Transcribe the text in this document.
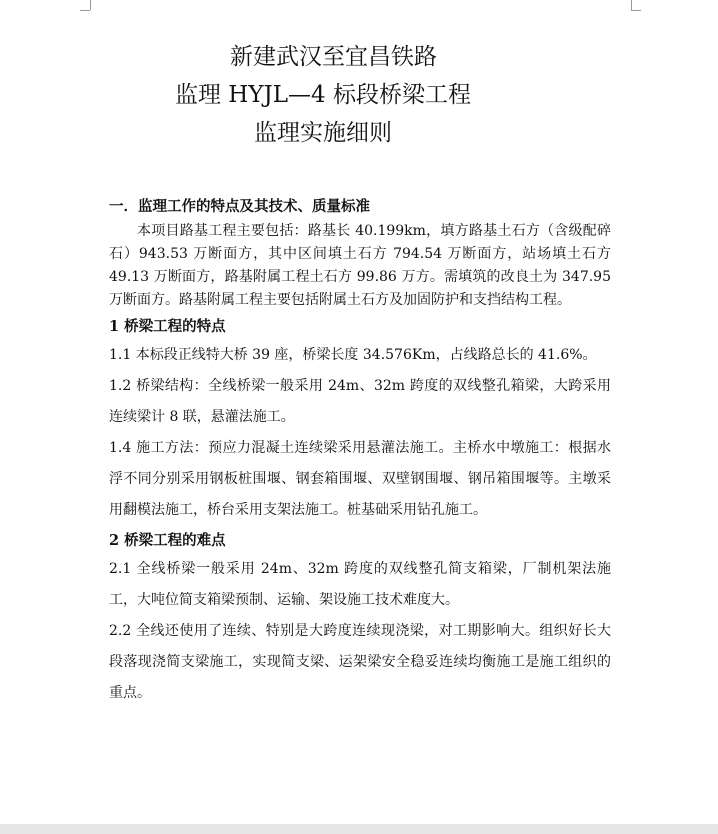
新建武汉至宜昌铁路
监理 HYJL—4 标段桥梁工程
监理实施细则
一．监理工作的特点及其技术、质量标准

本项目路基工程主要包括：路基长 40.199km，填方路基土石方（含级配碎石）943.53 万断面方，其中区间填土石方 794.54 万断面方，站场填土石方 49.13 万断面方，路基附属工程土石方 99.86 万方。需填筑的改良土为 347.95 万断面方。路基附属工程主要包括附属土石方及加固防护和支挡结构工程。

1 桥梁工程的特点

1.1 本标段正线特大桥 39 座，桥梁长度 34.576Km，占线路总长的 41.6%。

1.2 桥梁结构：全线桥梁一般采用 24m、32m 跨度的双线整孔箱梁，大跨采用连续梁计 8 联，悬灌法施工。

1.4 施工方法：预应力混凝土连续梁采用悬灌法施工。主桥水中墩施工：根据水浮不同分别采用钢板桩围堰、钢套箱围堰、双壁钢围堰、钢吊箱围堰等。主墩采用翻模法施工，桥台采用支架法施工。桩基础采用钻孔施工。

2 桥梁工程的难点

2.1 全线桥梁一般采用 24m、32m 跨度的双线整孔简支箱梁，厂制机架法施工，大吨位简支箱梁预制、运输、架设施工技术难度大。

2.2 全线还使用了连续、特别是大跨度连续现浇梁，对工期影响大。组织好长大段落现浇简支梁施工，实现简支梁、运架梁安全稳妥连续均衡施工是施工组织的重点。
